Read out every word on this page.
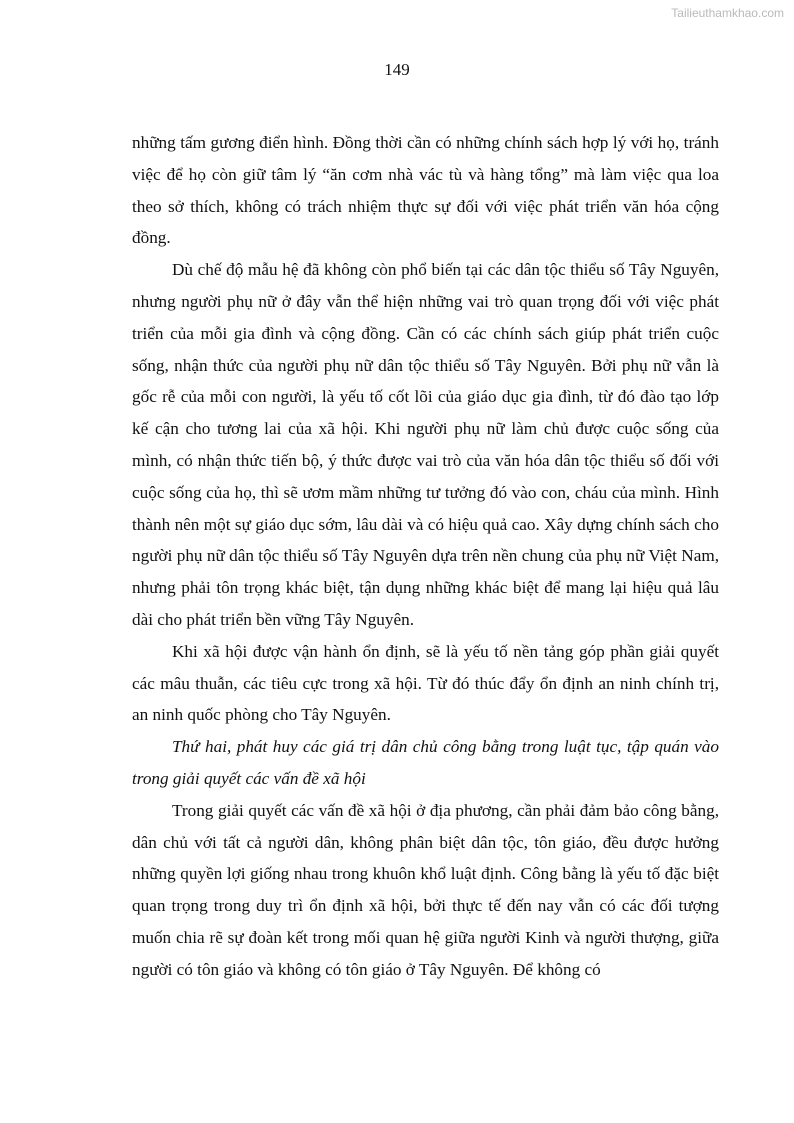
Tailieuthamkhao.com
149

những tấm gương điển hình. Đồng thời cần có những chính sách hợp lý với họ, tránh việc để họ còn giữ tâm lý “ăn cơm nhà vác tù và hàng tổng” mà làm việc qua loa theo sở thích, không có trách nhiệm thực sự đối với việc phát triển văn hóa cộng đồng.

Dù chế độ mẫu hệ đã không còn phổ biến tại các dân tộc thiểu số Tây Nguyên, nhưng người phụ nữ ở đây vẫn thể hiện những vai trò quan trọng đối với việc phát triển của mỗi gia đình và cộng đồng. Cần có các chính sách giúp phát triển cuộc sống, nhận thức của người phụ nữ dân tộc thiểu số Tây Nguyên. Bởi phụ nữ vẫn là gốc rễ của mỗi con người, là yếu tố cốt lõi của giáo dục gia đình, từ đó đào tạo lớp kế cận cho tương lai của xã hội. Khi người phụ nữ làm chủ được cuộc sống của mình, có nhận thức tiến bộ, ý thức được vai trò của văn hóa dân tộc thiểu số đối với cuộc sống của họ, thì sẽ ươm mầm những tư tưởng đó vào con, cháu của mình. Hình thành nên một sự giáo dục sớm, lâu dài và có hiệu quả cao. Xây dựng chính sách cho người phụ nữ dân tộc thiểu số Tây Nguyên dựa trên nền chung của phụ nữ Việt Nam, nhưng phải tôn trọng khác biệt, tận dụng những khác biệt để mang lại hiệu quả lâu dài cho phát triển bền vững Tây Nguyên.

Khi xã hội được vận hành ổn định, sẽ là yếu tố nền tảng góp phần giải quyết các mâu thuẫn, các tiêu cực trong xã hội. Từ đó thúc đẩy ổn định an ninh chính trị, an ninh quốc phòng cho Tây Nguyên.

Thứ hai, phát huy các giá trị dân chủ công bằng trong luật tục, tập quán vào trong giải quyết các vấn đề xã hội

Trong giải quyết các vấn đề xã hội ở địa phương, cần phải đảm bảo công bằng, dân chủ với tất cả người dân, không phân biệt dân tộc, tôn giáo, đều được hưởng những quyền lợi giống nhau trong khuôn khổ luật định. Công bằng là yếu tố đặc biệt quan trọng trong duy trì ổn định xã hội, bởi thực tế đến nay vẫn có các đối tượng muốn chia rẽ sự đoàn kết trong mối quan hệ giữa người Kinh và người thượng, giữa người có tôn giáo và không có tôn giáo ở Tây Nguyên. Để không có
